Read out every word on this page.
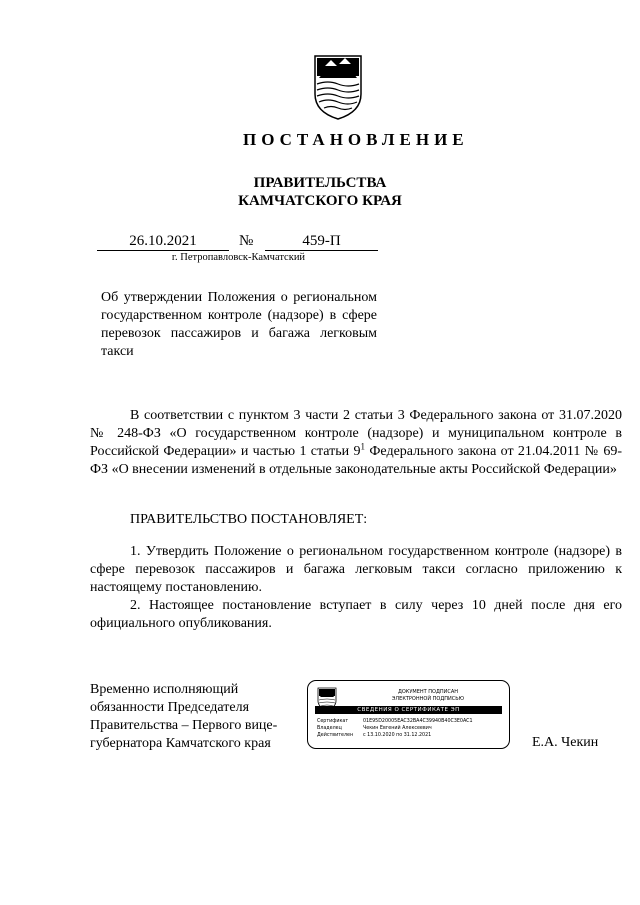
ПОСТАНОВЛЕНИЕ
ПРАВИТЕЛЬСТВА
КАМЧАТСКОГО КРАЯ
26.10.2021	№	459-П
г. Петропавловск-Камчатский
Об утверждении Положения о региональном государственном контроле (надзоре) в сфере перевозок пассажиров и багажа легковым такси
В соответствии с пунктом 3 части 2 статьи 3 Федерального закона от 31.07.2020 № 248-ФЗ «О государственном контроле (надзоре) и муниципальном контроле в Российской Федерации» и частью 1 статьи $9^1$ Федерального закона от 21.04.2011 № 69-ФЗ «О внесении изменений в отдельные законодательные акты Российской Федерации»
ПРАВИТЕЛЬСТВО ПОСТАНОВЛЯЕТ:
1. Утвердить Положение о региональном государственном контроле (надзоре) в сфере перевозок пассажиров и багажа легковым такси согласно приложению к настоящему постановлению.
2. Настоящее постановление вступает в силу через 10 дней после дня его официального опубликования.
Временно исполняющий
обязанности Председателя
Правительства – Первого вице-
губернатора Камчатского края
ДОКУМЕНТ ПОДПИСАН
ЭЛЕКТРОННОЙ ПОДПИСЬЮ
СВЕДЕНИЯ О СЕРТИФИКАТЕ ЭП
Сертификат	01E95D20005EAC32BA4C39940B40C3E0AC1
Владелец	Чекин Евгений Алексеевич
Действителен с 13.10.2020 по 31.12.2021	Е.А. Чекин
